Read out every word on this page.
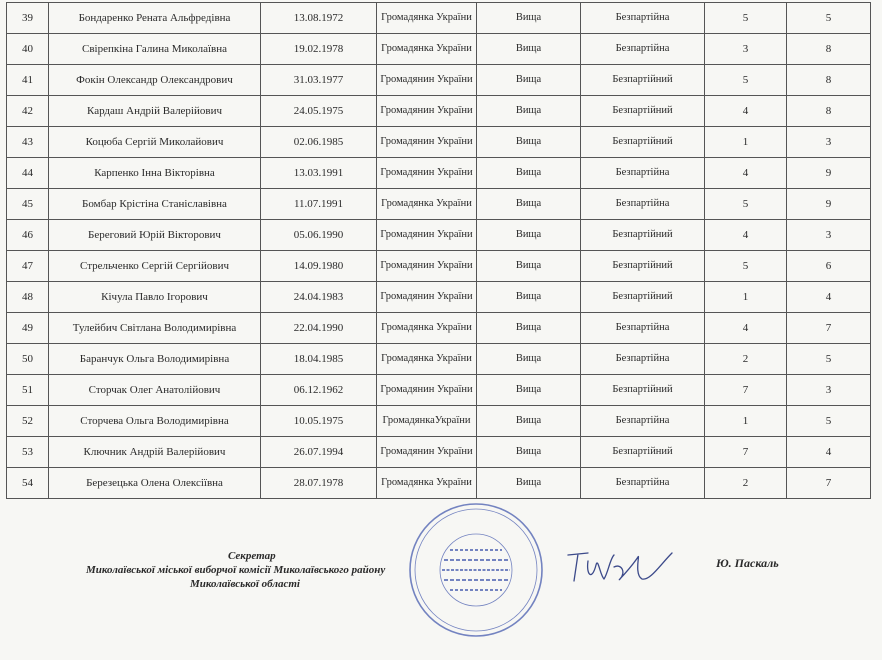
39	Бондаренко Рената Альфредівна	13.08.1972	Громадянка України	Вища	Безпартійна	5	5
40	Свірепкіна Галина Миколаївна	19.02.1978	Громадянка України	Вища	Безпартійна	3	8
41	Фокін Олександр Олександрович	31.03.1977	Громадянин України	Вища	Безпартійний	5	8
42	Кардаш Андрій Валерійович	24.05.1975	Громадянин України	Вища	Безпартійний	4	8
43	Коцюба Сергій Миколайович	02.06.1985	Громадянин України	Вища	Безпартійний	1	3
44	Карпенко Інна Вікторівна	13.03.1991	Громадянин України	Вища	Безпартійна	4	9
45	Бомбар Крістіна Станіславівна	11.07.1991	Громадянка України	Вища	Безпартійна	5	9
46	Береговий Юрій Вікторович	05.06.1990	Громадянин України	Вища	Безпартійний	4	3
47	Стрельченко Сергій Сергійович	14.09.1980	Громадянин України	Вища	Безпартійний	5	6
48	Кічула Павло Ігорович	24.04.1983	Громадянин України	Вища	Безпартійний	1	4
49	Тулейбич Світлана Володимирівна	22.04.1990	Громадянка України	Вища	Безпартійна	4	7
50	Баранчук Ольга Володимирівна	18.04.1985	Громадянка України	Вища	Безпартійна	2	5
51	Сторчак Олег Анатолійович	06.12.1962	Громадянин України	Вища	Безпартійний	7	3
52	Сторчева Ольга Володимирівна	10.05.1975	ГромадянкаУкраїни	Вища	Безпартійна	1	5
53	Ключник Андрій Валерійович	26.07.1994	Громадянин України	Вища	Безпартійний	7	4
54	Березецька Олена Олексіївна	28.07.1978	Громадянка України	Вища	Безпартійна	2	7
Секретар
Миколаївської міської виборчої комісії Миколаївського району
Миколаївської області
Ю. Паскаль
